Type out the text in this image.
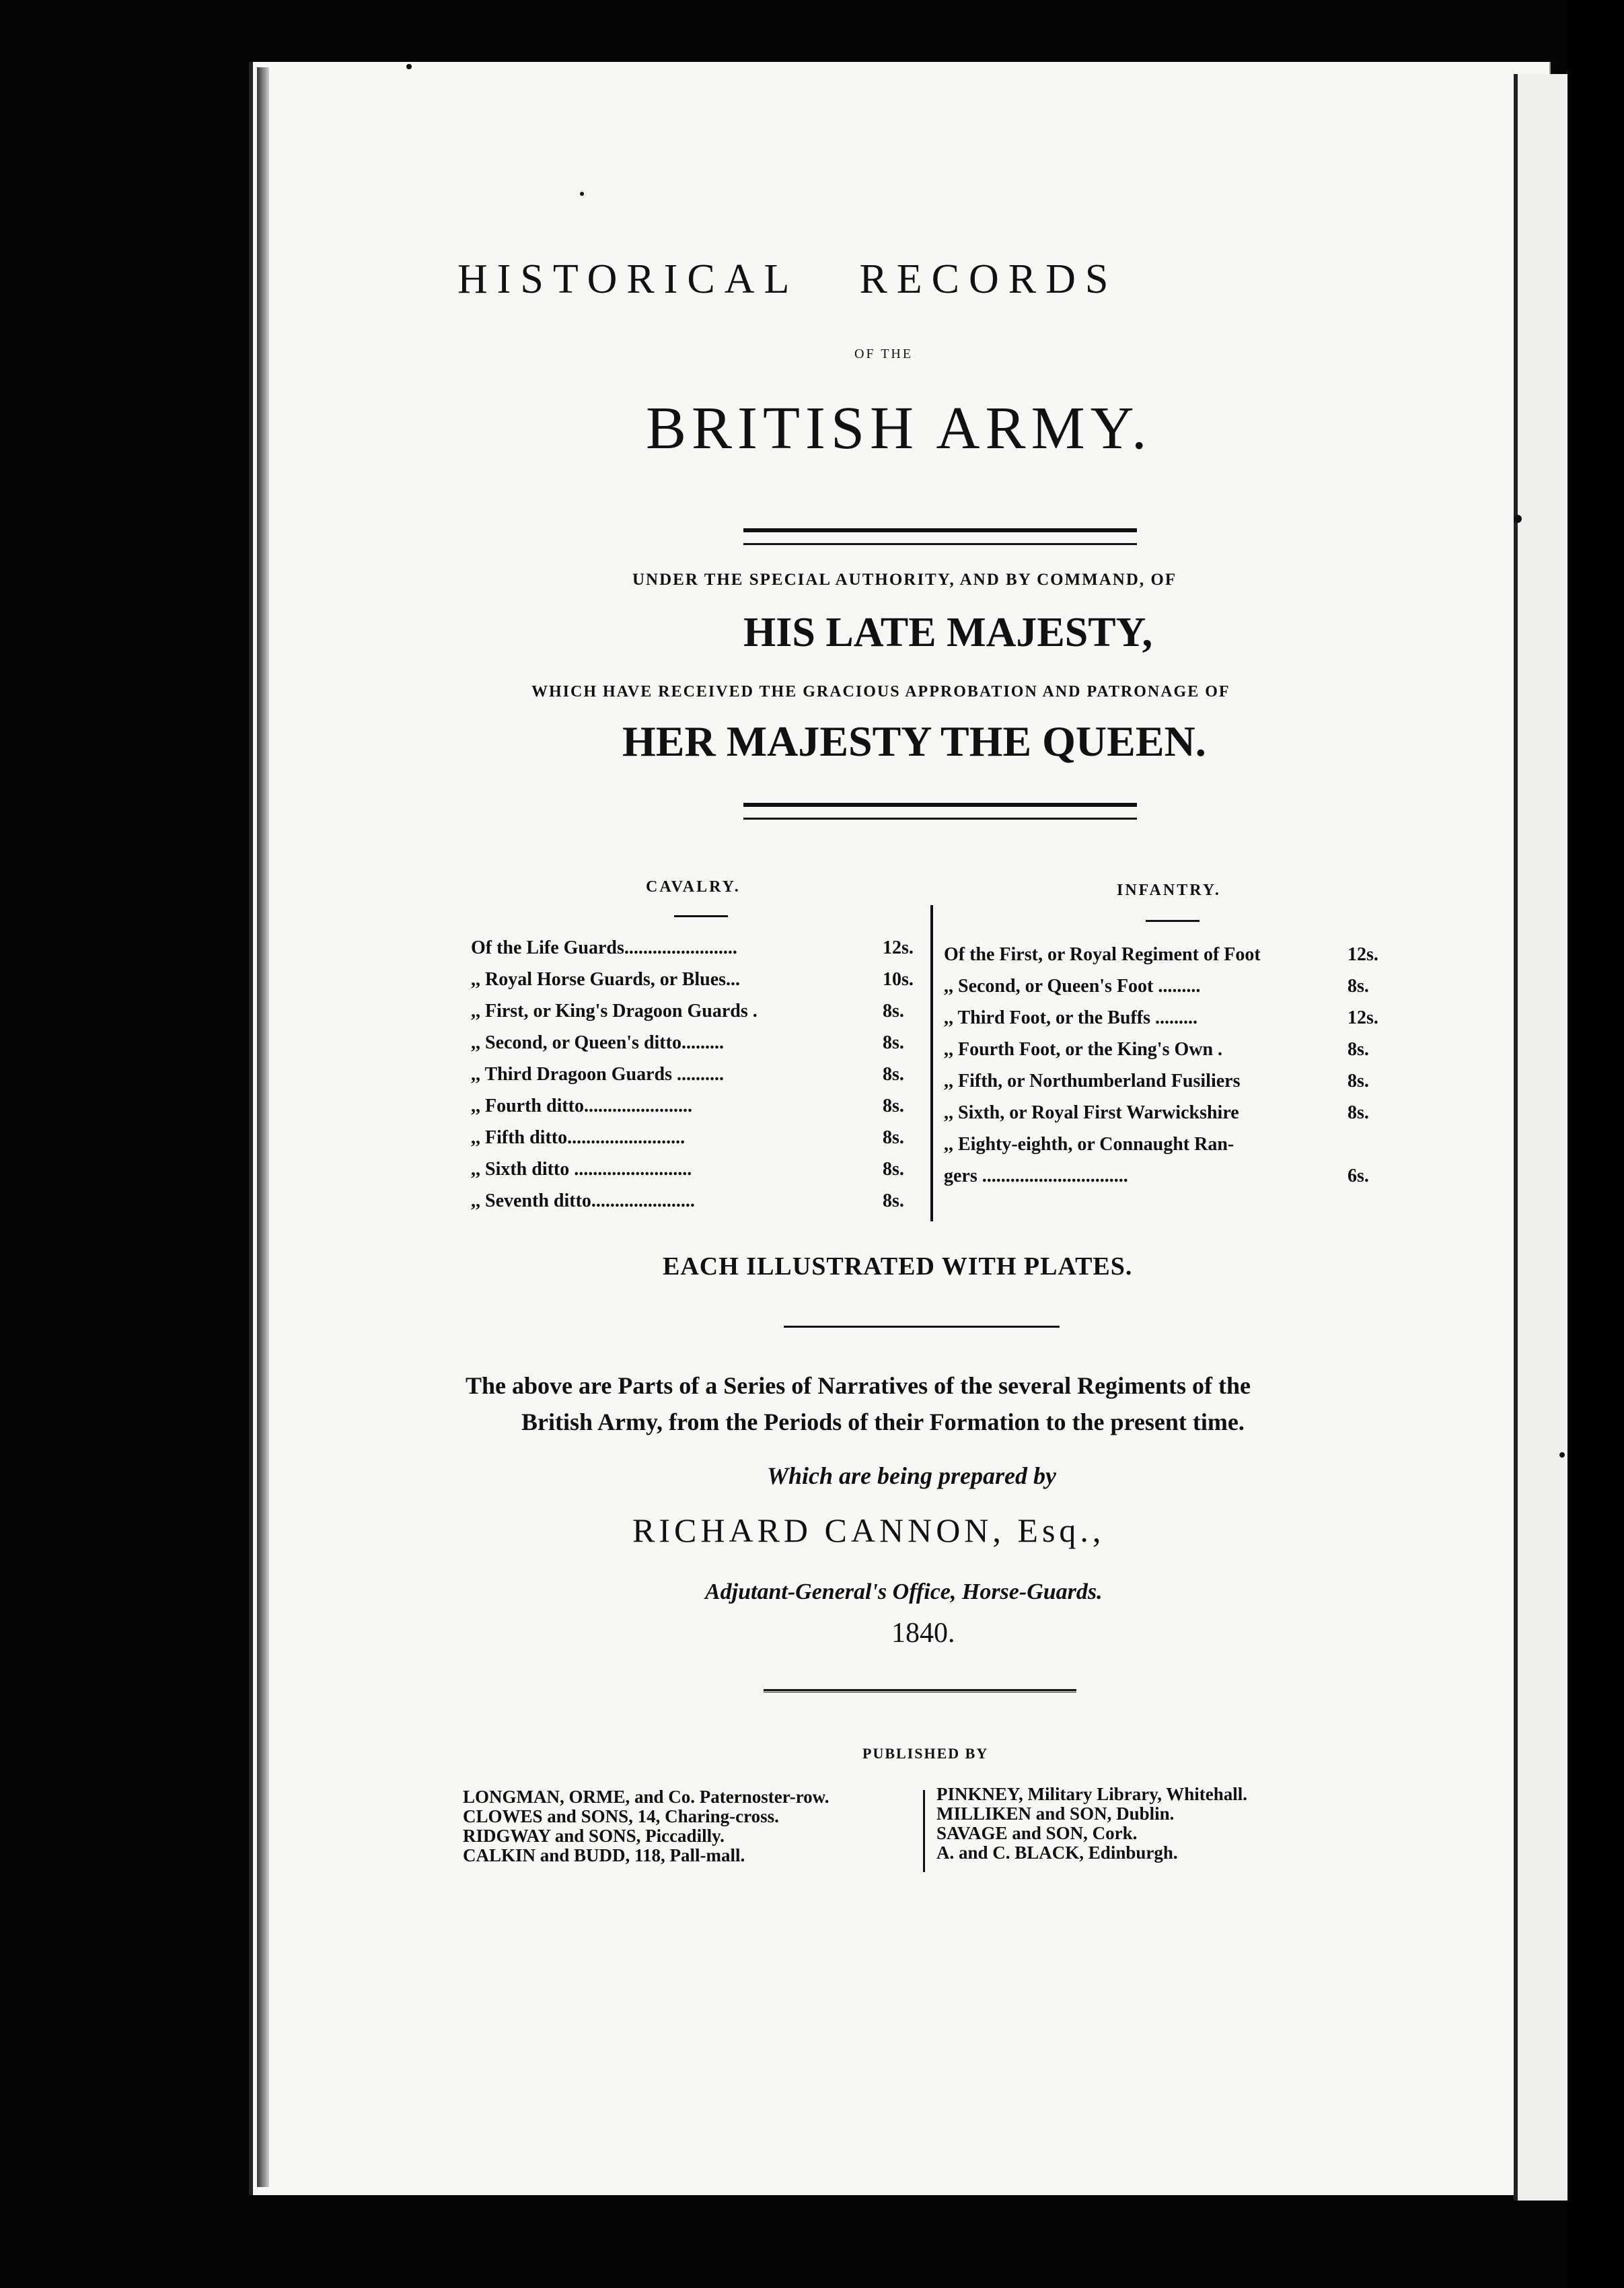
HISTORICAL RECORDS
OF THE
BRITISH ARMY.
UNDER THE SPECIAL AUTHORITY, AND BY COMMAND, OF
HIS LATE MAJESTY,
WHICH HAVE RECEIVED THE GRACIOUS APPROBATION AND PATRONAGE OF
HER MAJESTY THE QUEEN.
CAVALRY.	INFANTRY.
Of the Life Guards........................	12s.
,, Royal Horse Guards, or Blues...	10s.
,, First, or King's Dragoon Guards .	8s.
,, Second, or Queen's ditto.........	8s.
,, Third Dragoon Guards ..........	8s.
,, Fourth ditto.......................	8s.
,, Fifth ditto.........................	8s.
,, Sixth ditto .........................	8s.
,, Seventh ditto......................	8s.
Of the First, or Royal Regiment of Foot	12s.
,, Second, or Queen's Foot .........	8s.
,, Third Foot, or the Buffs .........	12s.
,, Fourth Foot, or the King's Own .	8s.
,, Fifth, or Northumberland Fusiliers	8s.
,, Sixth, or Royal First Warwickshire	8s.
,, Eighty-eighth, or Connaught Ran-
gers ...............................	6s.
EACH ILLUSTRATED WITH PLATES.
The above are Parts of a Series of Narratives of the several Regiments of the
British Army, from the Periods of their Formation to the present time.
Which are being prepared by
RICHARD CANNON, Esq.,
Adjutant-General's Office, Horse-Guards.
1840.
PUBLISHED BY
LONGMAN, ORME, and Co. Paternoster-row.
CLOWES and SONS, 14, Charing-cross.
RIDGWAY and SONS, Piccadilly.
CALKIN and BUDD, 118, Pall-mall.
PINKNEY, Military Library, Whitehall.
MILLIKEN and SON, Dublin.
SAVAGE and SON, Cork.
A. and C. BLACK, Edinburgh.
